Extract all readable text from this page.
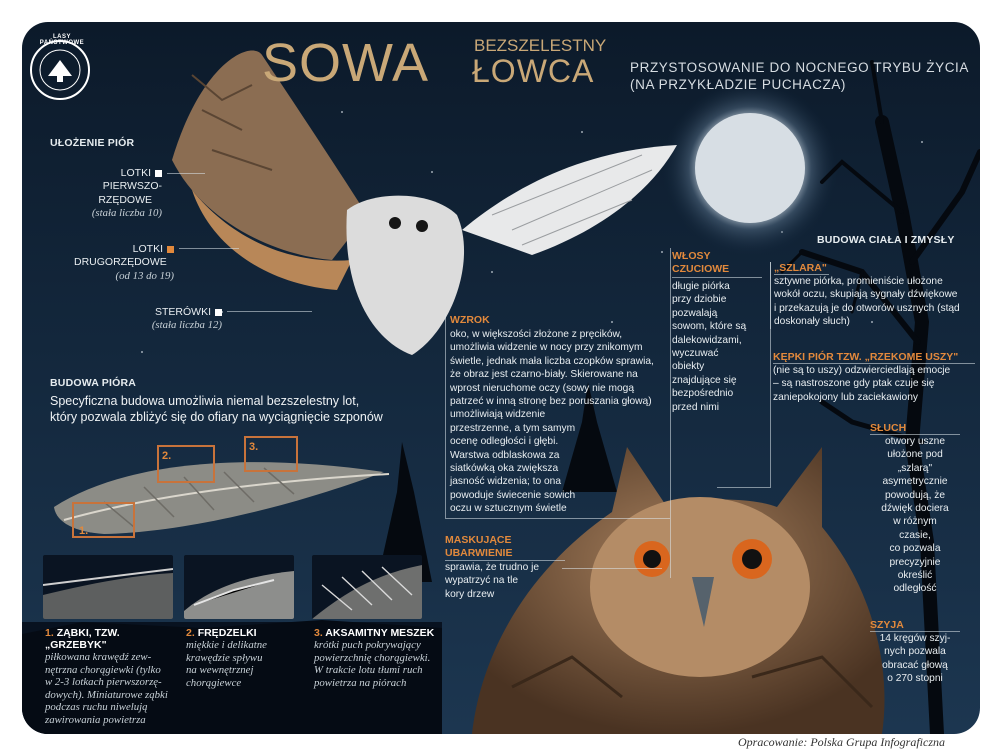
LASY PAŃSTWOWE	SOWA	BEZSZELESTNY
ŁOWCA	PRZYSTOSOWANIE DO NOCNEGO TRYBU ŻYCIA
(NA PRZYKŁADZIE PUCHACZA)
UŁOŻENIE PIÓR
LOTKI
PIERWSZO-
RZĘDOWE
(stała liczba 10)
LOTKI
DRUGORZĘDOWE
(od 13 do 19)
STERÓWKI
(stała liczba 12)
BUDOWA PIÓRA
Specyficzna budowa umożliwia niemal bezszelestny lot,
który pozwala zbliżyć się do ofiary na wyciągnięcie szponów
1.
2.
3.
1. ZĄBKI, TZW. „GRZEBYK"
piłkowana krawędź zew-
nętrzna chorągiewki (tylko
w 2-3 lotkach pierwszorzę-
dowych). Miniaturowe ząbki
podczas ruchu niwelują
zawirowania powietrza
2. FRĘDZELKI
miękkie i delikatne
krawędzie spływu
na wewnętrznej
chorągiewce
3. AKSAMITNY MESZEK
krótki puch pokrywający
powierzchnię chorągiewki.
W trakcie lotu tłumi ruch
powietrza na piórach
WZROK
oko, w większości złożone z pręcików,
umożliwia widzenie w nocy przy znikomym
świetle, jednak mała liczba czopków sprawia,
że obraz jest czarno-biały. Skierowane na
wprost nieruchome oczy (sowy nie mogą
patrzeć w inną stronę bez poruszania głową)
umożliwiają widzenie
przestrzenne, a tym samym
ocenę odległości i głębi.
Warstwa odblaskowa za
siatkówką oka zwiększa
jasność widzenia; to ona
powoduje świecenie sowich
oczu w sztucznym świetle
WŁOSY
CZUCIOWE
długie piórka
przy dziobie
pozwalają
sowom, które są
dalekowidzami,
wyczuwać
obiekty
znajdujące się
bezpośrednio
przed nimi
MASKUJĄCE
UBARWIENIE
sprawia, że trudno je
wypatrzyć na tle
kory drzew
BUDOWA CIAŁA I ZMYSŁY
„SZLARA"
sztywne piórka, promieniście ułożone
wokół oczu, skupiają sygnały dźwiękowe
i przekazują je do otworów usznych (stąd
doskonały słuch)
KĘPKI PIÓR TZW. „RZEKOME USZY"
(nie są to uszy) odzwierciedlają emocje
– są nastroszone gdy ptak czuje się
zaniepokojony lub zaciekawiony
SŁUCH
otwory uszne
ułożone pod
„szlarą"
asymetrycznie
powodują, że
dźwięk dociera
w różnym
czasie,
co pozwala
precyzyjnie
określić
odległość
SZYJA
14 kręgów szyj-
nych pozwala
obracać głową
o 270 stopni
Opracowanie: Polska Grupa Infograficzna
